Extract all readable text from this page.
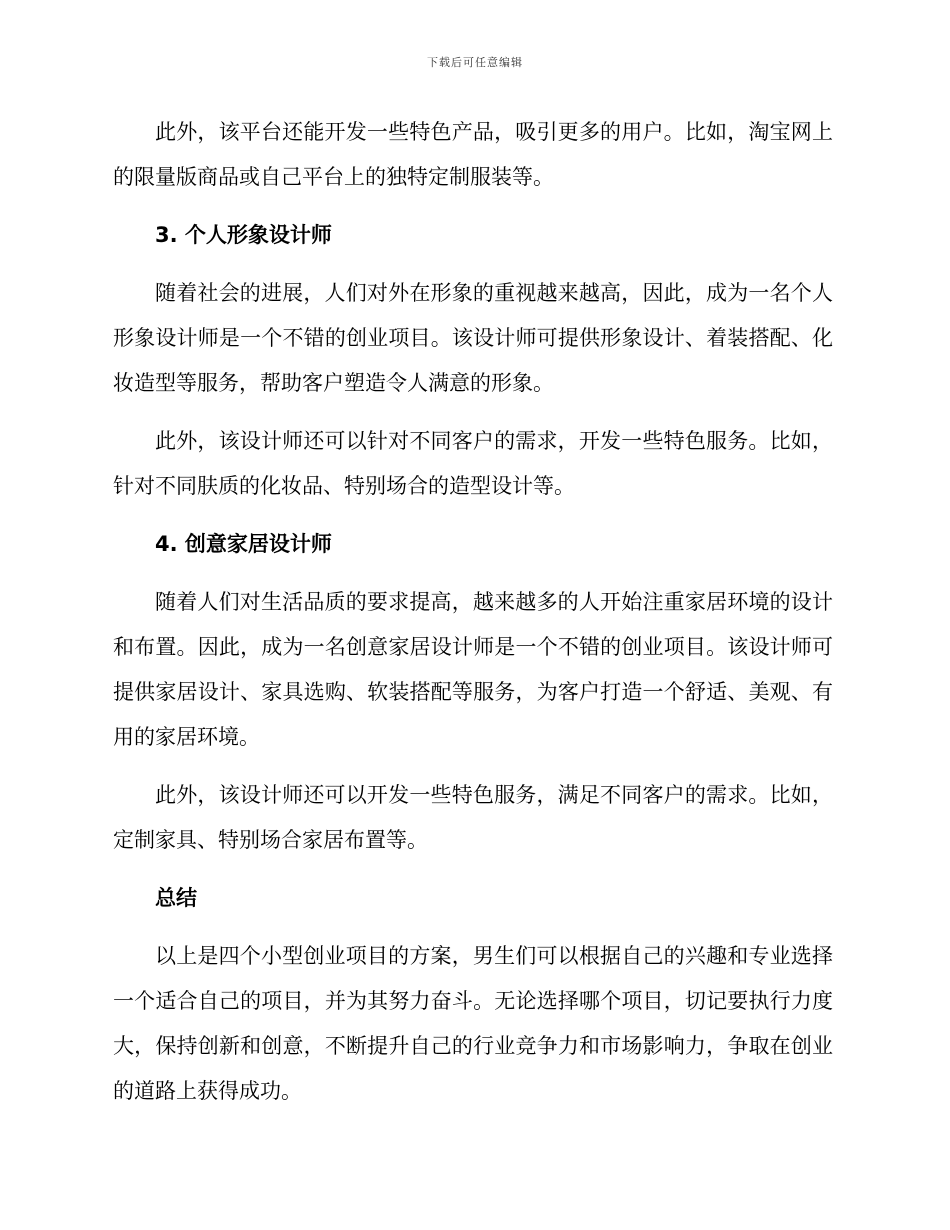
下载后可任意编辑

此外，该平台还能开发一些特色产品，吸引更多的用户。比如，淘宝网上的限量版商品或自己平台上的独特定制服装等。

3. 个人形象设计师

随着社会的进展，人们对外在形象的重视越来越高，因此，成为一名个人形象设计师是一个不错的创业项目。该设计师可提供形象设计、着装搭配、化妆造型等服务，帮助客户塑造令人满意的形象。

此外，该设计师还可以针对不同客户的需求，开发一些特色服务。比如，针对不同肤质的化妆品、特别场合的造型设计等。

4. 创意家居设计师

随着人们对生活品质的要求提高，越来越多的人开始注重家居环境的设计和布置。因此，成为一名创意家居设计师是一个不错的创业项目。该设计师可提供家居设计、家具选购、软装搭配等服务，为客户打造一个舒适、美观、有用的家居环境。

此外，该设计师还可以开发一些特色服务，满足不同客户的需求。比如，定制家具、特别场合家居布置等。

总结

以上是四个小型创业项目的方案，男生们可以根据自己的兴趣和专业选择一个适合自己的项目，并为其努力奋斗。无论选择哪个项目，切记要执行力度大，保持创新和创意，不断提升自己的行业竞争力和市场影响力，争取在创业的道路上获得成功。
